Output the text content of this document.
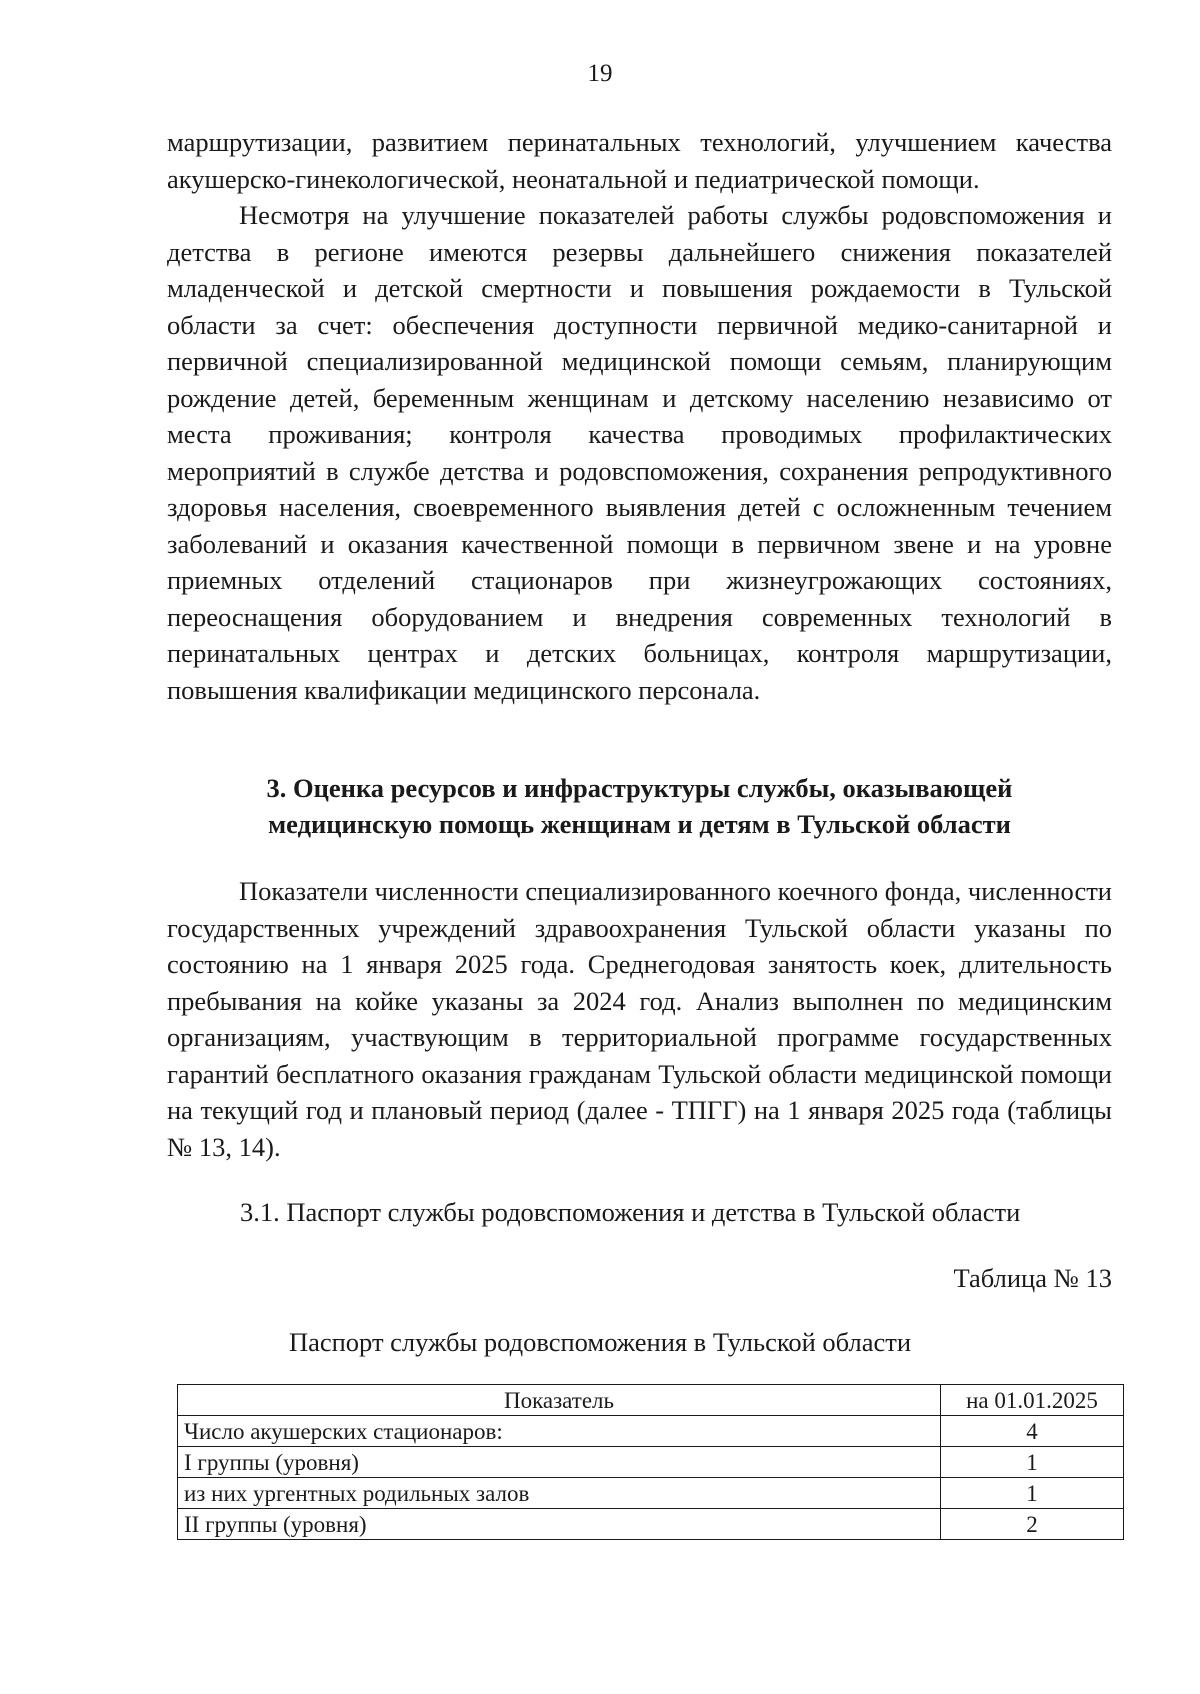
19

маршрутизации, развитием перинатальных технологий, улучшением качества акушерско-гинекологической, неонатальной и педиатрической помощи.

Несмотря на улучшение показателей работы службы родовспоможения и детства в регионе имеются резервы дальнейшего снижения показателей младенческой и детской смертности и повышения рождаемости в Тульской области за счет: обеспечения доступности первичной медико-санитарной и первичной специализированной медицинской помощи семьям, планирующим рождение детей, беременным женщинам и детскому населению независимо от места проживания; контроля качества проводимых профилактических мероприятий в службе детства и родовспоможения, сохранения репродуктивного здоровья населения, своевременного выявления детей с осложненным течением заболеваний и оказания качественной помощи в первичном звене и на уровне приемных отделений стационаров при жизнеугрожающих состояниях, переоснащения оборудованием и внедрения современных технологий в перинатальных центрах и детских больницах, контроля маршрутизации, повышения квалификации медицинского персонала.

3. Оценка ресурсов и инфраструктуры службы, оказывающей
медицинскую помощь женщинам и детям в Тульской области

Показатели численности специализированного коечного фонда, численности государственных учреждений здравоохранения Тульской области указаны по состоянию на 1 января 2025 года. Среднегодовая занятость коек, длительность пребывания на койке указаны за 2024 год. Анализ выполнен по медицинским организациям, участвующим в территориальной программе государственных гарантий бесплатного оказания гражданам Тульской области медицинской помощи на текущий год и плановый период (далее - ТПГГ) на 1 января 2025 года (таблицы № 13, 14).

3.1. Паспорт службы родовспоможения и детства в Тульской области
Таблица № 13
Паспорт службы родовспоможения в Тульской области
Показатель	на 01.01.2025
Число акушерских стационаров:	4
I группы (уровня)	1
из них ургентных родильных залов	1
II группы (уровня)	2
